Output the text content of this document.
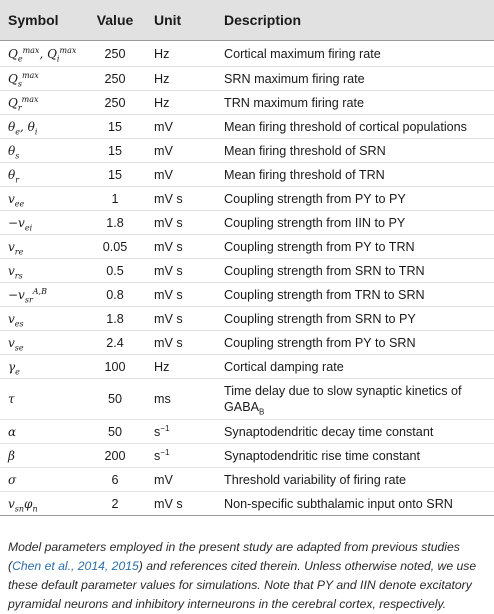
Symbol	Value	Unit	Description
$Q_e^{max}$, $Q_i^{max}$	250	Hz	Cortical maximum firing rate
$Q_s^{max}$	250	Hz	SRN maximum firing rate
$Q_r^{max}$	250	Hz	TRN maximum firing rate
$\theta_e$, $\theta_i$	15	mV	Mean firing threshold of cortical populations
$\theta_s$	15	mV	Mean firing threshold of SRN
$\theta_r$	15	mV	Mean firing threshold of TRN
$v_{ee}$	1	mV s	Coupling strength from PY to PY
$-v_{ei}$	1.8	mV s	Coupling strength from IIN to PY
$v_{re}$	0.05	mV s	Coupling strength from PY to TRN
$v_{rs}$	0.5	mV s	Coupling strength from SRN to TRN
$-v_{sr}^{A,B}$	0.8	mV s	Coupling strength from TRN to SRN
$v_{es}$	1.8	mV s	Coupling strength from SRN to PY
$v_{se}$	2.4	mV s	Coupling strength from PY to SRN
$\gamma_e$	100	Hz	Cortical damping rate
τ	50	ms	Time delay due to slow synaptic kinetics of $GABA_B$
α	50	$s^{-1}$	Synaptodendritic decay time constant
β	200	$s^{-1}$	Synaptodendritic rise time constant
σ	6	mV	Threshold variability of firing rate
$v_{sn}\varphi_n$	2	mV s	Non-specific subthalamic input onto SRN

Model parameters employed in the present study are adapted from previous studies (Chen et al., 2014, 2015) and references cited therein. Unless otherwise noted, we use these default parameter values for simulations. Note that PY and IIN denote excitatory pyramidal neurons and inhibitory interneurons in the cerebral cortex, respectively.
